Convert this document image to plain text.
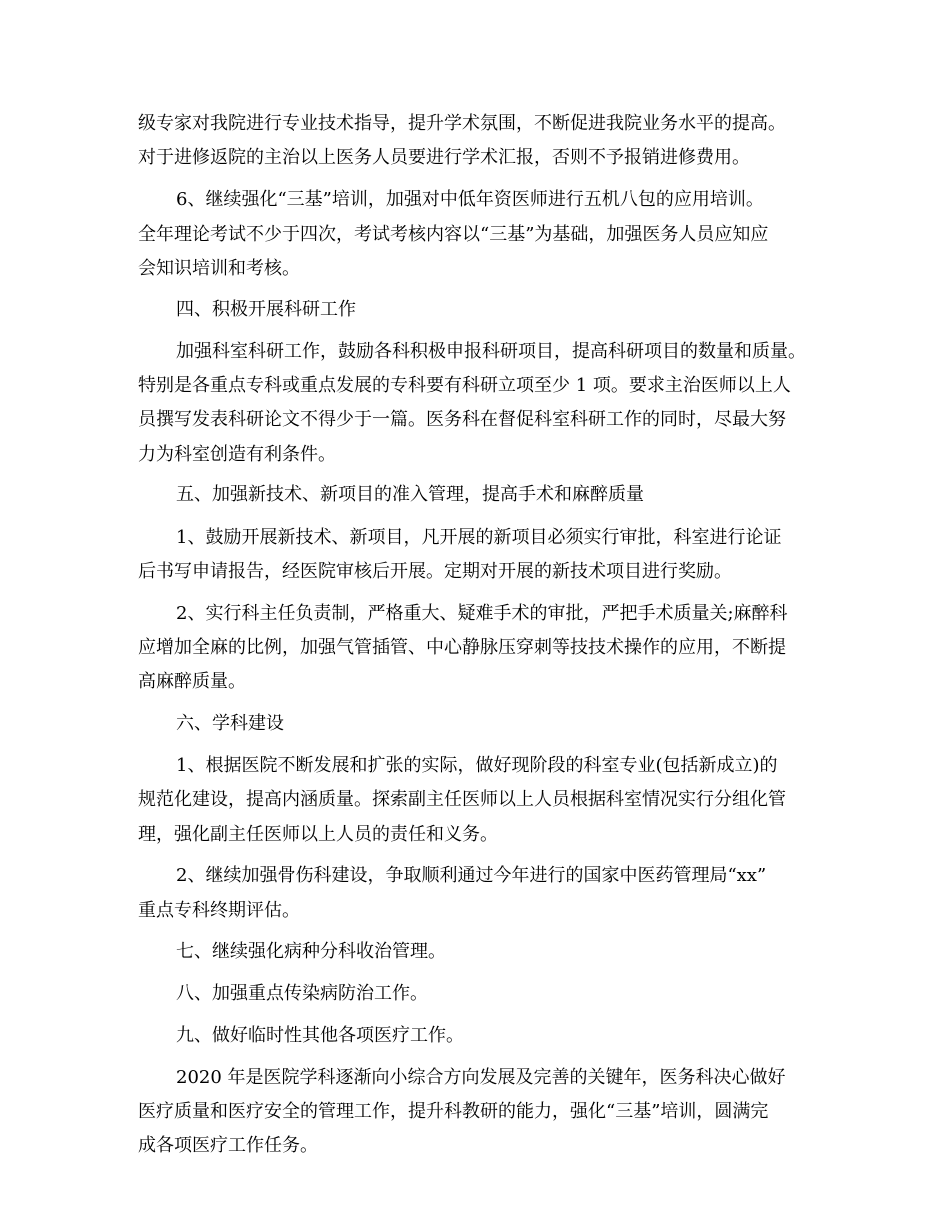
级专家对我院进行专业技术指导，提升学术氛围，不断促进我院业务水平的提高。
对于进修返院的主治以上医务人员要进行学术汇报，否则不予报销进修费用。
6、继续强化“三基”培训，加强对中低年资医师进行五机八包的应用培训。
全年理论考试不少于四次，考试考核内容以“三基”为基础，加强医务人员应知应
会知识培训和考核。
四、积极开展科研工作
加强科室科研工作，鼓励各科积极申报科研项目，提高科研项目的数量和质量。
特别是各重点专科或重点发展的专科要有科研立项至少 1 项。要求主治医师以上人
员撰写发表科研论文不得少于一篇。医务科在督促科室科研工作的同时，尽最大努
力为科室创造有利条件。
五、加强新技术、新项目的准入管理，提高手术和麻醉质量
1、鼓励开展新技术、新项目，凡开展的新项目必须实行审批，科室进行论证
后书写申请报告，经医院审核后开展。定期对开展的新技术项目进行奖励。
2、实行科主任负责制，严格重大、疑难手术的审批，严把手术质量关;麻醉科
应增加全麻的比例，加强气管插管、中心静脉压穿刺等技技术操作的应用，不断提
高麻醉质量。
六、学科建设
1、根据医院不断发展和扩张的实际，做好现阶段的科室专业(包括新成立)的
规范化建设，提高内涵质量。探索副主任医师以上人员根据科室情况实行分组化管
理，强化副主任医师以上人员的责任和义务。
2、继续加强骨伤科建设，争取顺利通过今年进行的国家中医药管理局“xx”
重点专科终期评估。
七、继续强化病种分科收治管理。
八、加强重点传染病防治工作。
九、做好临时性其他各项医疗工作。
2020 年是医院学科逐渐向小综合方向发展及完善的关键年，医务科决心做好
医疗质量和医疗安全的管理工作，提升科教研的能力，强化“三基”培训，圆满完
成各项医疗工作任务。
